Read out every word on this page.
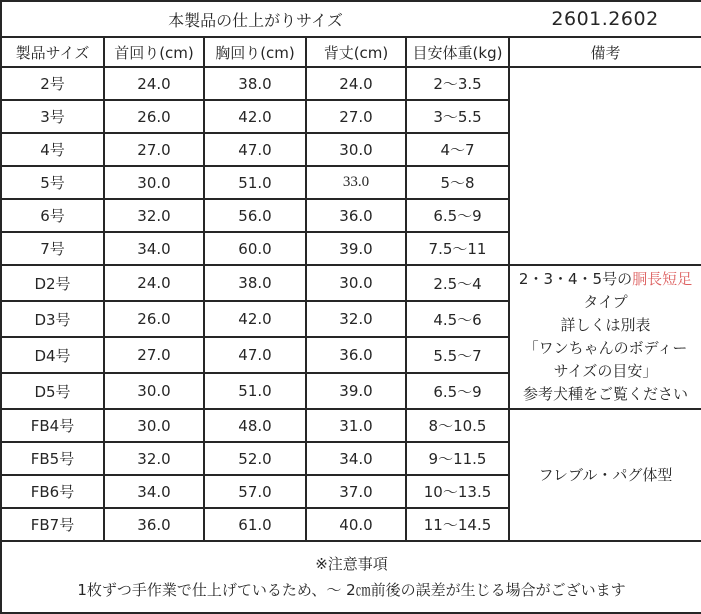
本製品の仕上がりサイズ					2601.2602
製品サイズ	首回り(cm)	胸回り(cm)	背丈(cm)	目安体重(kg)	備考
2号	24.0	38.0	24.0	2～3.5	
3号	26.0	42.0	27.0	3～5.5	
4号	27.0	47.0	30.0	4～7	
5号	30.0	51.0	33.0	5～8	
6号	32.0	56.0	36.0	6.5～9	
7号	34.0	60.0	39.0	7.5～11	
D2号	24.0	38.0	30.0	2.5～4	2・3・4・5号の胴長短足
タイプ
詳しくは別表
「ワンちゃんのボディー
サイズの目安」
参考犬種をご覧ください

D3号	26.0	42.0	32.0	4.5～6	
D4号	27.0	47.0	36.0	5.5～7	
D5号	30.0	51.0	39.0	6.5～9	
FB4号	30.0	48.0	31.0	8～10.5	フレブル・パグ体型

FB5号	32.0	52.0	34.0	9～11.5	
FB6号	34.0	57.0	37.0	10～13.5	
FB7号	36.0	61.0	40.0	11～14.5	

※注意事項
1枚ずつ手作業で仕上げているため、～ 2㎝前後の誤差が生じる場合がございます					
